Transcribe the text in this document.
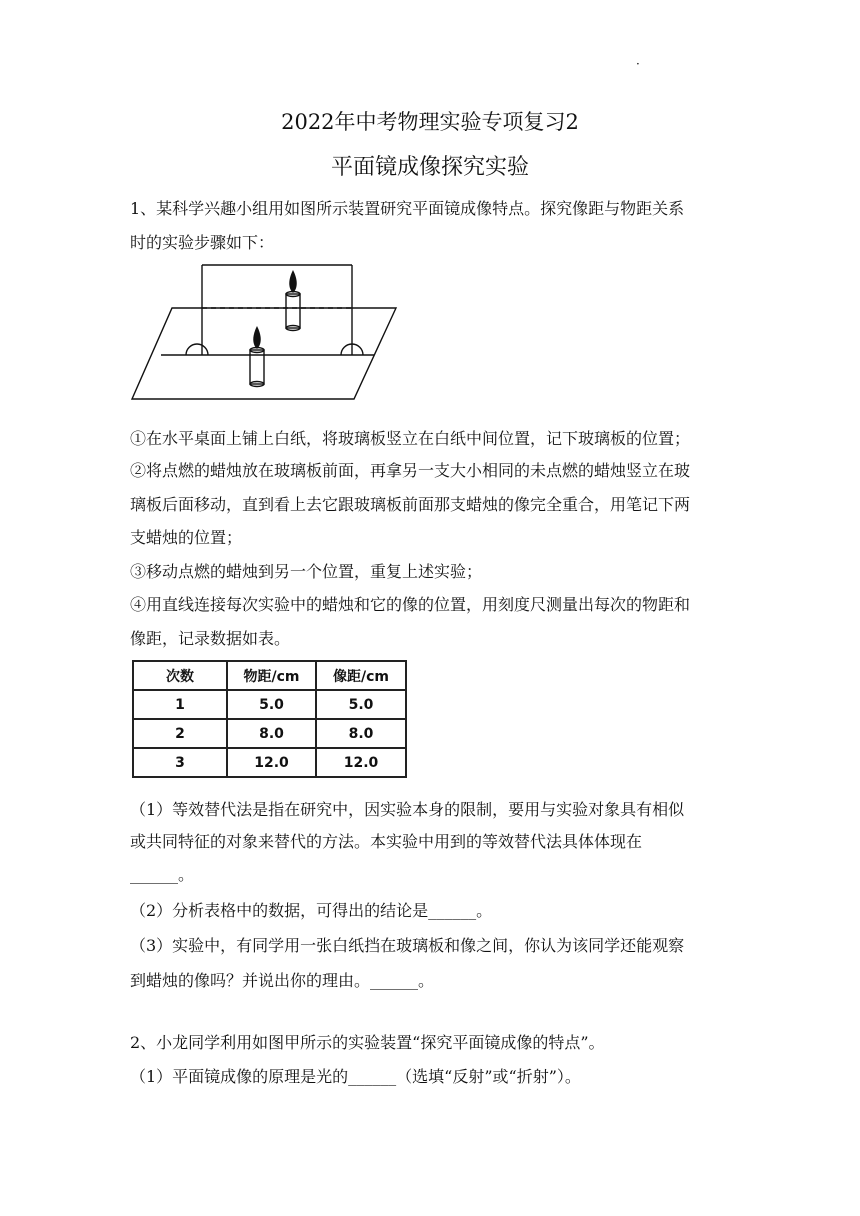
·
2022年中考物理实验专项复习2
平面镜成像探究实验
1、某科学兴趣小组用如图所示装置研究平面镜成像特点。探究像距与物距关系
时的实验步骤如下：
①在水平桌面上铺上白纸，将玻璃板竖立在白纸中间位置，记下玻璃板的位置；
②将点燃的蜡烛放在玻璃板前面，再拿另一支大小相同的未点燃的蜡烛竖立在玻
璃板后面移动，直到看上去它跟玻璃板前面那支蜡烛的像完全重合，用笔记下两
支蜡烛的位置；
③移动点燃的蜡烛到另一个位置，重复上述实验；
④用直线连接每次实验中的蜡烛和它的像的位置，用刻度尺测量出每次的物距和
像距，记录数据如表。
次数	物距/cm	像距/cm
1	5.0	5.0
2	8.0	8.0
3	12.0	12.0
（1）等效替代法是指在研究中，因实验本身的限制，要用与实验对象具有相似
或共同特征的对象来替代的方法。本实验中用到的等效替代法具体体现在
______。
（2）分析表格中的数据，可得出的结论是______。
（3）实验中，有同学用一张白纸挡在玻璃板和像之间，你认为该同学还能观察
到蜡烛的像吗？并说出你的理由。______。
2、小龙同学利用如图甲所示的实验装置“探究平面镜成像的特点”。
（1）平面镜成像的原理是光的______（选填“反射”或“折射”）。
